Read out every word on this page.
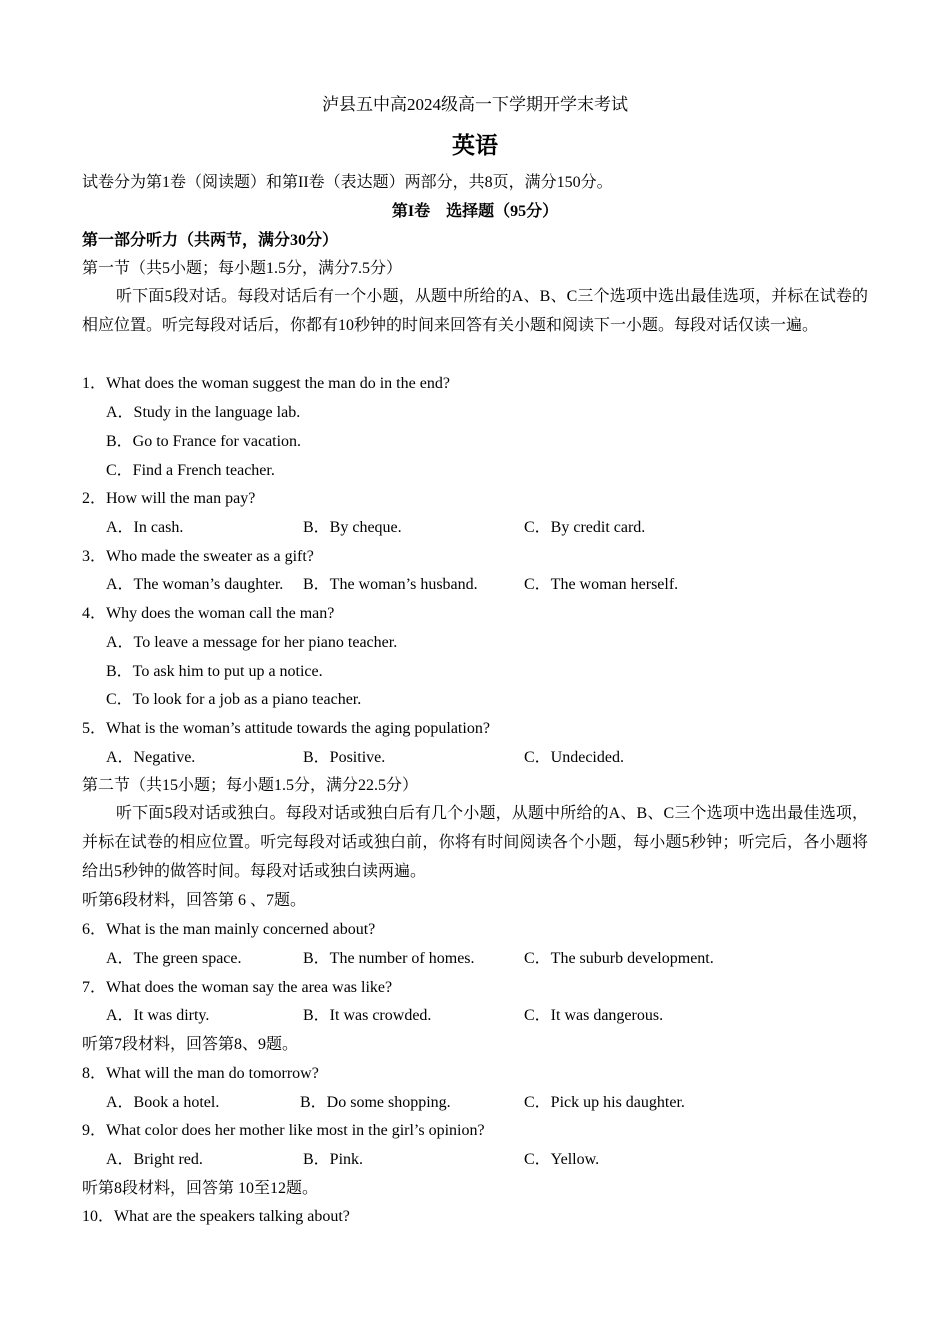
泸县五中高2024级高一下学期开学末考试
英语
试卷分为第1卷（阅读题）和第II卷（表达题）两部分，共8页，满分150分。
第I卷　选择题（95分）
第一部分听力（共两节，满分30分）
第一节（共5小题；每小题1.5分，满分7.5分）
听下面5段对话。每段对话后有一个小题，从题中所给的A、B、C三个选项中选出最佳选项，并标在试卷的相应位置。听完每段对话后，你都有10秒钟的时间来回答有关小题和阅读下一小题。每段对话仅读一遍。
1．What does the woman suggest the man do in the end?
A．Study in the language lab.
B．Go to France for vacation.
C．Find a French teacher.
2．How will the man pay?
A．In cash.	B．By cheque.	C．By credit card.
3．Who made the sweater as a gift?
A．The woman’s daughter. B．The woman’s husband.	C．The woman herself.
4．Why does the woman call the man?
A．To leave a message for her piano teacher.
B．To ask him to put up a notice.
C．To look for a job as a piano teacher.
5．What is the woman’s attitude towards the aging population?
A．Negative.	B．Positive.	C．Undecided.
第二节（共15小题；每小题1.5分，满分22.5分）
听下面5段对话或独白。每段对话或独白后有几个小题，从题中所给的A、B、C三个选项中选出最佳选项，并标在试卷的相应位置。听完每段对话或独白前，你将有时间阅读各个小题，每小题5秒钟；听完后，各小题将给出5秒钟的做答时间。每段对话或独白读两遍。
听第6段材料，回答第 6 、7题。
6．What is the man mainly concerned about?
A．The green space.	B．The number of homes.	C．The suburb development.
7．What does the woman say the area was like?
A．It was dirty.	B．It was crowded.	C．It was dangerous.
听第7段材料，回答第8、9题。
8．What will the man do tomorrow?
A．Book a hotel.	B．Do some shopping.	C．Pick up his daughter.
9．What color does her mother like most in the girl’s opinion?
A．Bright red.	B．Pink.	C．Yellow.
听第8段材料，回答第 10至12题。
10．What are the speakers talking about?
